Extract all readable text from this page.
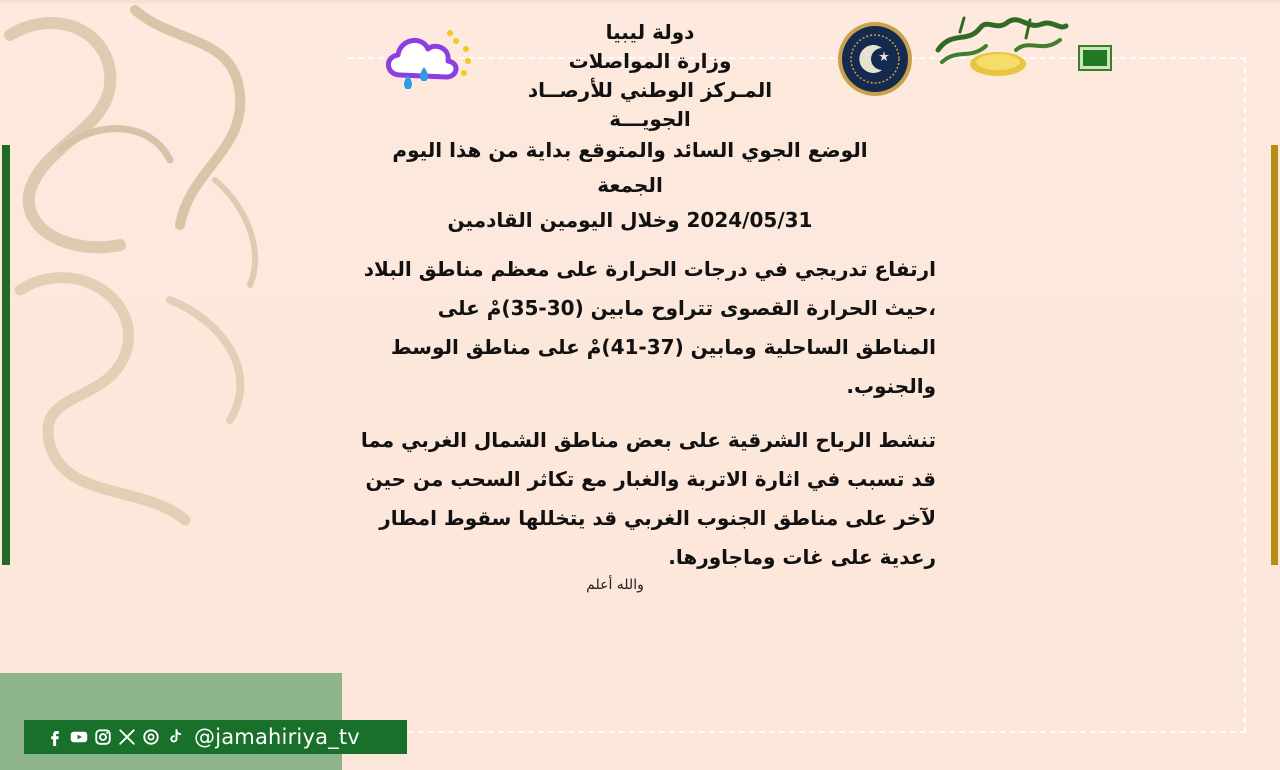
دولة ليبيا
وزارة المواصلات
المـركز الوطني للأرصــاد
الجويـــة
الوضع الجوي السائد والمتوقع بداية من هذا اليوم الجمعة
2024/05/31 وخلال اليومين القادمين

ارتفاع تدريجي في درجات الحرارة على معظم مناطق البلاد ،حيث الحرارة القصوى تتراوح مابين (30-35)مْ على المناطق الساحلية ومابين (37-41)مْ على مناطق الوسط والجنوب.

تنشط الرياح الشرقية على بعض مناطق الشمال الغربي مما قد تسبب في اثارة الاتربة والغبار مع تكاثر السحب من حين لآخر على مناطق الجنوب الغربي قد يتخللها سقوط امطار رعدية على غات وماجاورها.

والله أعلم
@jamahiriya_tv
